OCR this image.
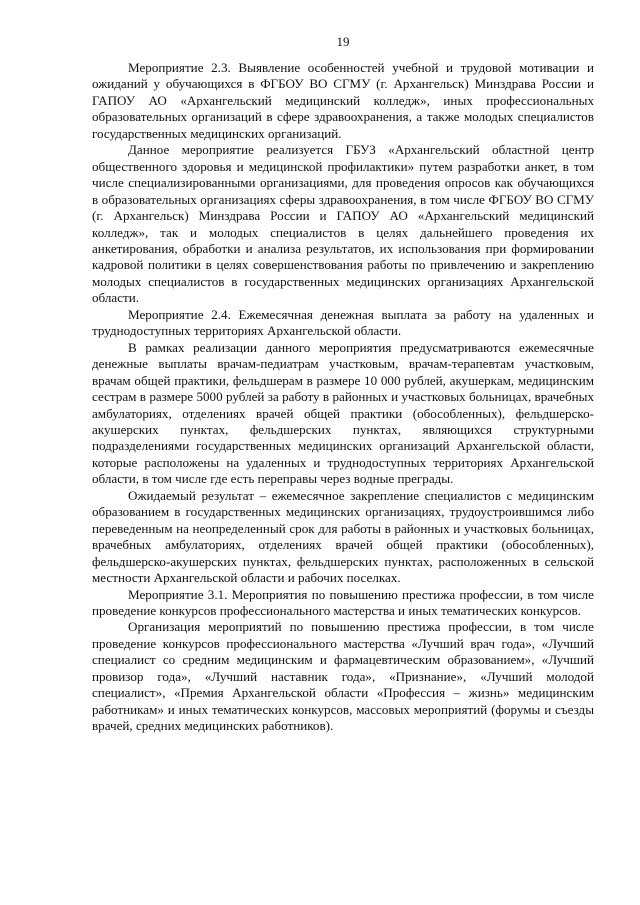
19

Мероприятие 2.3. Выявление особенностей учебной и трудовой мотивации и ожиданий у обучающихся в ФГБОУ ВО СГМУ (г. Архангельск) Минздрава России и ГАПОУ АО «Архангельский медицинский колледж», иных профессиональных образовательных организаций в сфере здравоохранения, а также молодых специалистов государственных медицинских организаций.

Данное мероприятие реализуется ГБУЗ «Архангельский областной центр общественного здоровья и медицинской профилактики» путем разработки анкет, в том числе специализированными организациями, для проведения опросов как обучающихся в образовательных организациях сферы здравоохранения, в том числе ФГБОУ ВО СГМУ (г. Архангельск) Минздрава России и ГАПОУ АО «Архангельский медицинский колледж», так и молодых специалистов в целях дальнейшего проведения их анкетирования, обработки и анализа результатов, их использования при формировании кадровой политики в целях совершенствования работы по привлечению и закреплению молодых специалистов в государственных медицинских организациях Архангельской области.

Мероприятие 2.4. Ежемесячная денежная выплата за работу на удаленных и труднодоступных территориях Архангельской области.

В рамках реализации данного мероприятия предусматриваются ежемесячные денежные выплаты врачам-педиатрам участковым, врачам-терапевтам участковым, врачам общей практики, фельдшерам в размере 10 000 рублей, акушеркам, медицинским сестрам в размере 5000 рублей за работу в районных и участковых больницах, врачебных амбулаториях, отделениях врачей общей практики (обособленных), фельдшерско-акушерских пунктах, фельдшерских пунктах, являющихся структурными подразделениями государственных медицинских организаций Архангельской области, которые расположены на удаленных и труднодоступных территориях Архангельской области, в том числе где есть переправы через водные преграды.

Ожидаемый результат – ежемесячное закрепление специалистов с медицинским образованием в государственных медицинских организациях, трудоустроившимся либо переведенным на неопределенный срок для работы в районных и участковых больницах, врачебных амбулаториях, отделениях врачей общей практики (обособленных), фельдшерско-акушерских пунктах, фельдшерских пунктах, расположенных в сельской местности Архангельской области и рабочих поселках.

Мероприятие 3.1. Мероприятия по повышению престижа профессии, в том числе проведение конкурсов профессионального мастерства и иных тематических конкурсов.

Организация мероприятий по повышению престижа профессии, в том числе проведение конкурсов профессионального мастерства «Лучший врач года», «Лучший специалист со средним медицинским и фармацевтическим образованием», «Лучший провизор года», «Лучший наставник года», «Признание», «Лучший молодой специалист», «Премия Архангельской области «Профессия – жизнь» медицинским работникам» и иных тематических конкурсов, массовых мероприятий (форумы и съезды врачей, средних медицинских работников).
